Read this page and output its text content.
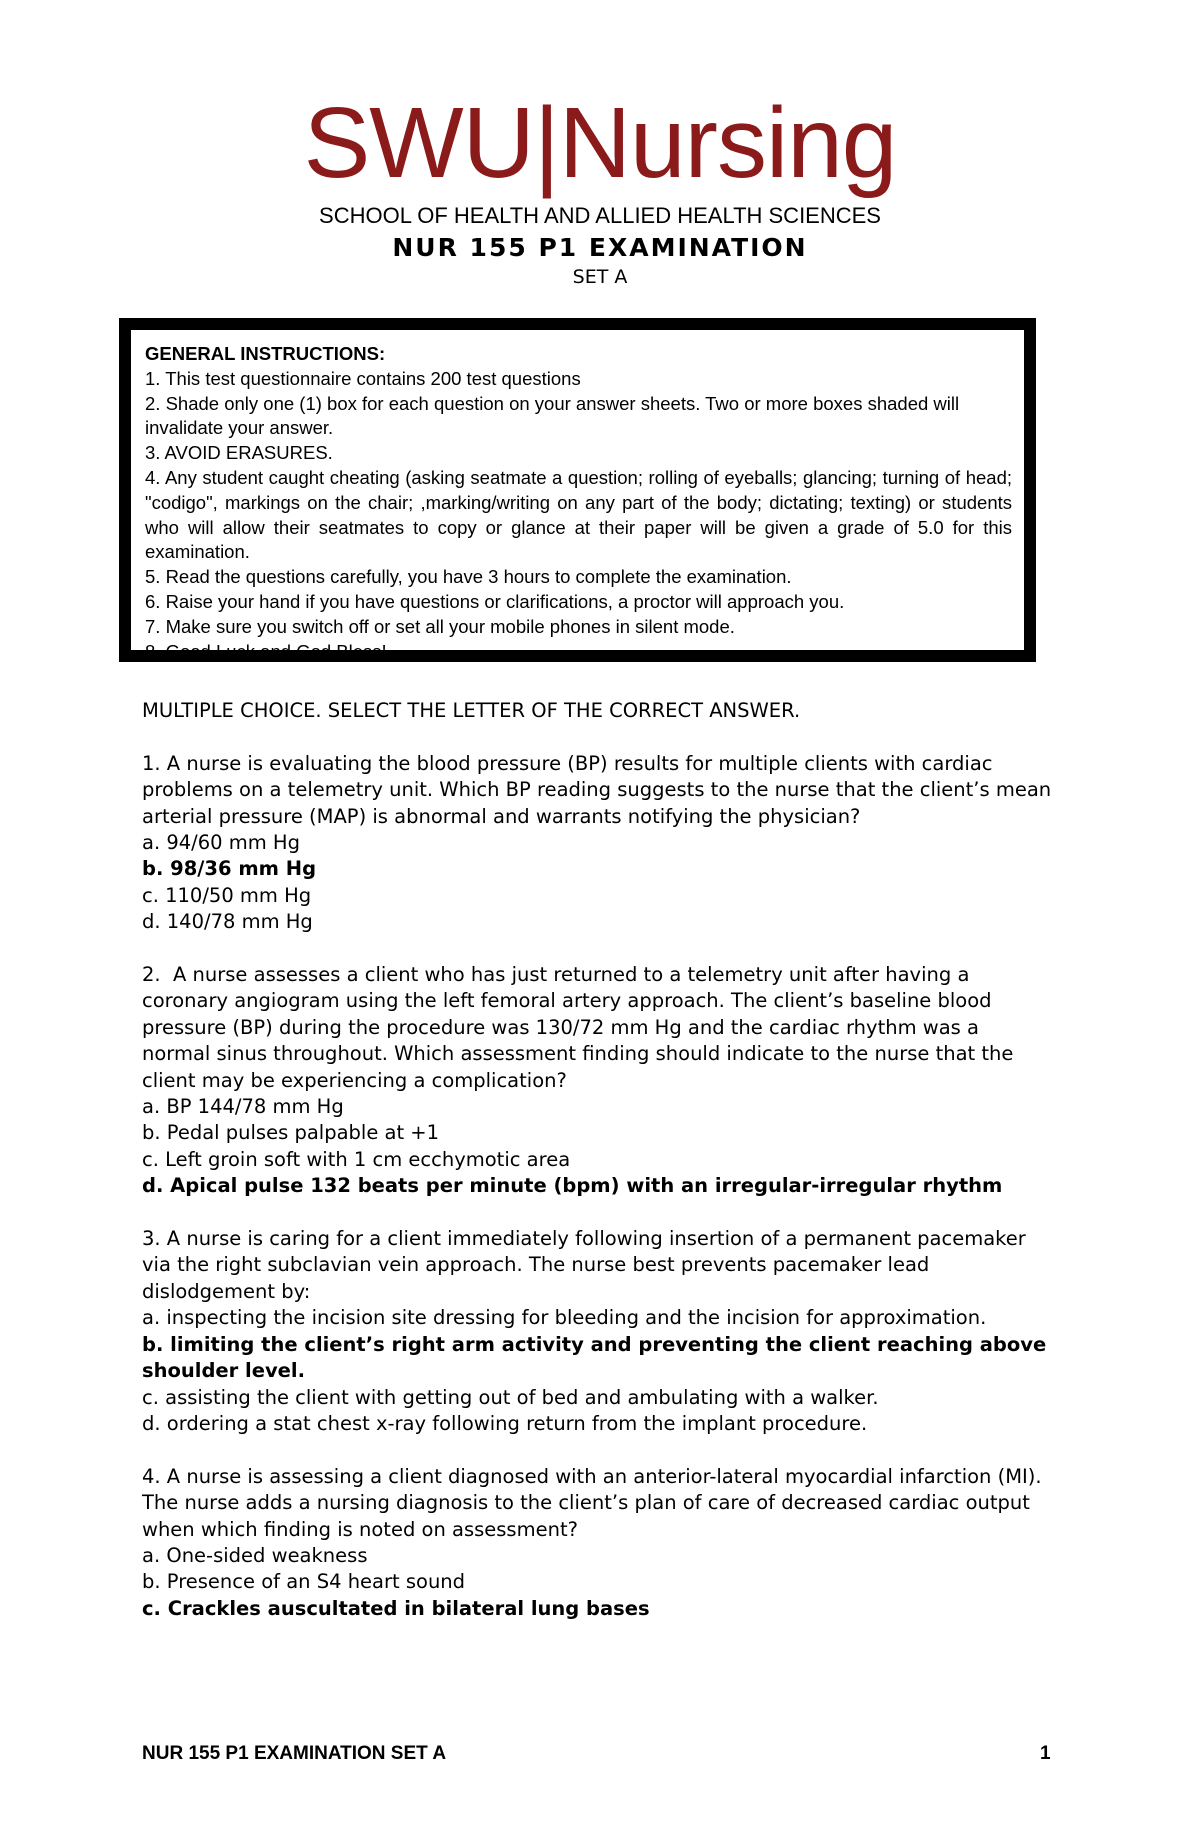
SWU|Nursing
SCHOOL OF HEALTH AND ALLIED HEALTH SCIENCES
NUR 155 P1 EXAMINATION
SET A
GENERAL INSTRUCTIONS:
1. This test questionnaire contains 200 test questions
2. Shade only one (1) box for each question on your answer sheets. Two or more boxes shaded will invalidate your answer.
3. AVOID ERASURES.
4. Any student caught cheating (asking seatmate a question; rolling of eyeballs; glancing; turning of head; "codigo", markings on the chair; ,marking/writing on any part of the body; dictating; texting) or students who will allow their seatmates to copy or glance at their paper will be given a grade of 5.0 for this examination.
5. Read the questions carefully, you have 3 hours to complete the examination.
6. Raise your hand if you have questions or clarifications, a proctor will approach you.
7. Make sure you switch off or set all your mobile phones in silent mode.
8. Good Luck and God Bless!
MULTIPLE CHOICE. SELECT THE LETTER OF THE CORRECT ANSWER.
1. A nurse is evaluating the blood pressure (BP) results for multiple clients with cardiac problems on a telemetry unit. Which BP reading suggests to the nurse that the client’s mean arterial pressure (MAP) is abnormal and warrants notifying the physician?
a. 94/60 mm Hg
b. 98/36 mm Hg
c. 110/50 mm Hg
d. 140/78 mm Hg
2.  A nurse assesses a client who has just returned to a telemetry unit after having a coronary angiogram using the left femoral artery approach. The client’s baseline blood pressure (BP) during the procedure was 130/72 mm Hg and the cardiac rhythm was a normal sinus throughout. Which assessment finding should indicate to the nurse that the client may be experiencing a complication?
a. BP 144/78 mm Hg
b. Pedal pulses palpable at +1
c. Left groin soft with 1 cm ecchymotic area
d. Apical pulse 132 beats per minute (bpm) with an irregular-irregular rhythm
3. A nurse is caring for a client immediately following insertion of a permanent pacemaker via the right subclavian vein approach. The nurse best prevents pacemaker lead dislodgement by:
a. inspecting the incision site dressing for bleeding and the incision for approximation.
b. limiting the client’s right arm activity and preventing the client reaching above shoulder level.
c. assisting the client with getting out of bed and ambulating with a walker.
d. ordering a stat chest x-ray following return from the implant procedure.
4. A nurse is assessing a client diagnosed with an anterior-lateral myocardial infarction (MI). The nurse adds a nursing diagnosis to the client’s plan of care of decreased cardiac output when which finding is noted on assessment?
a. One-sided weakness
b. Presence of an S4 heart sound
c. Crackles auscultated in bilateral lung bases
NUR 155 P1 EXAMINATION SET A	1
